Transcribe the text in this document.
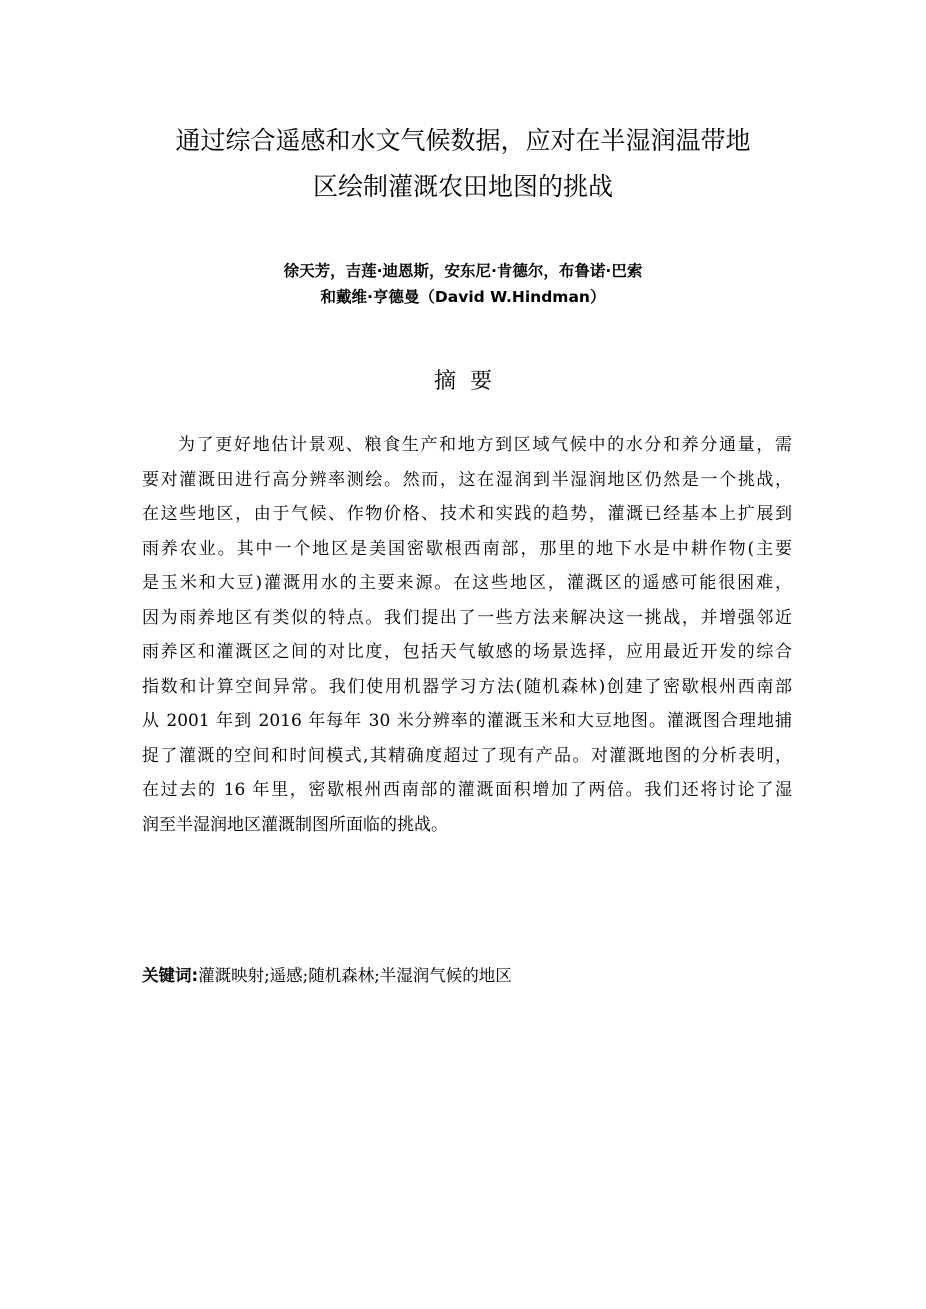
通过综合遥感和水文气候数据，应对在半湿润温带地
区绘制灌溉农田地图的挑战
徐天芳，吉莲·迪恩斯，安东尼·肯德尔，布鲁诺·巴索
和戴维·亨德曼（David W.Hindman）
摘  要
为了更好地估计景观、粮食生产和地方到区域气候中的水分和养分通量，需
要对灌溉田进行高分辨率测绘。然而，这在湿润到半湿润地区仍然是一个挑战，
在这些地区，由于气候、作物价格、技术和实践的趋势，灌溉已经基本上扩展到
雨养农业。其中一个地区是美国密歇根西南部，那里的地下水是中耕作物(主要
是玉米和大豆)灌溉用水的主要来源。在这些地区，灌溉区的遥感可能很困难，
因为雨养地区有类似的特点。我们提出了一些方法来解决这一挑战，并增强邻近
雨养区和灌溉区之间的对比度，包括天气敏感的场景选择，应用最近开发的综合
指数和计算空间异常。我们使用机器学习方法(随机森林)创建了密歇根州西南部
从 2001 年到 2016 年每年 30 米分辨率的灌溉玉米和大豆地图。灌溉图合理地捕
捉了灌溉的空间和时间模式,其精确度超过了现有产品。对灌溉地图的分析表明，
在过去的 16 年里，密歇根州西南部的灌溉面积增加了两倍。我们还将讨论了湿
润至半湿润地区灌溉制图所面临的挑战。
关键词:灌溉映射;遥感;随机森林;半湿润气候的地区
